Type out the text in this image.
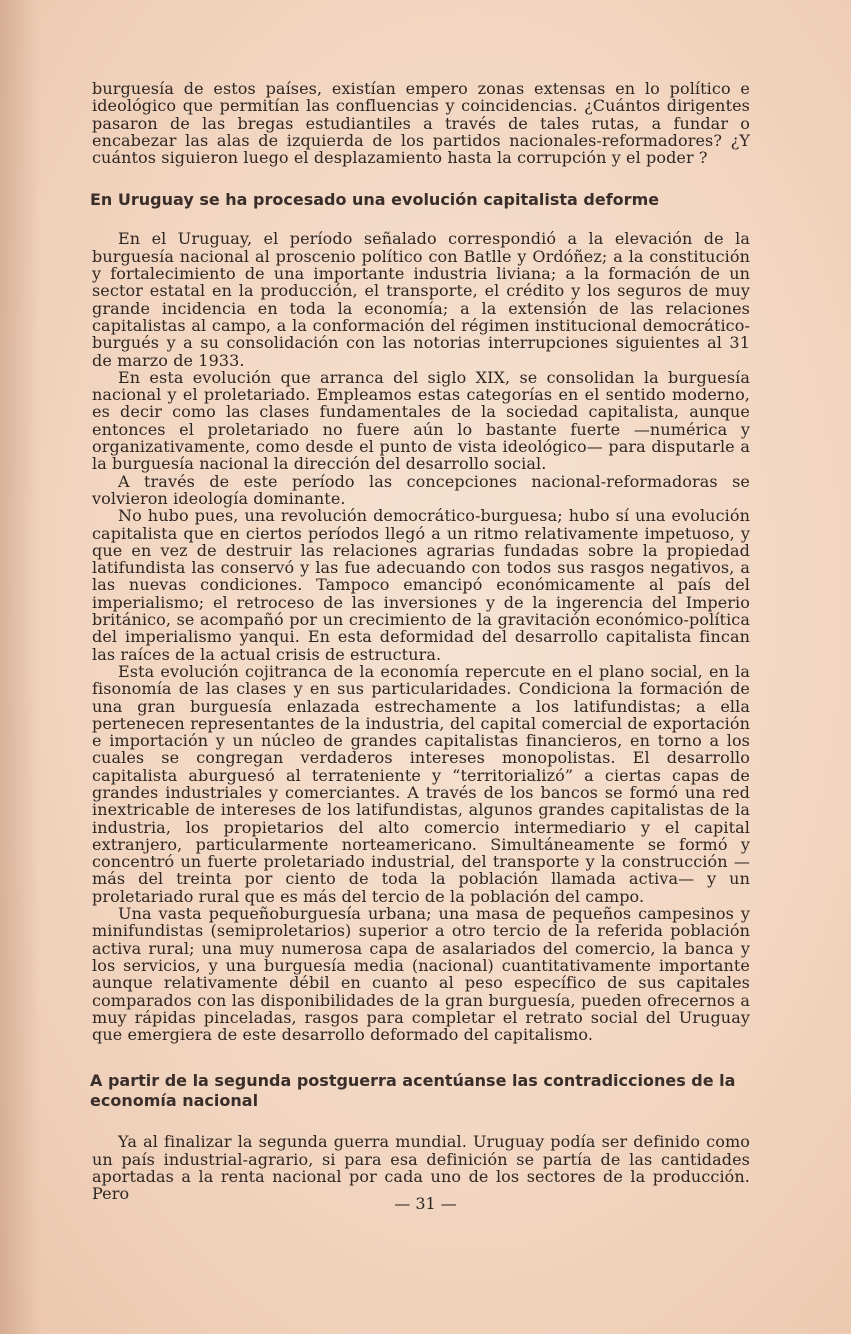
burguesía de estos países, existían empero zonas extensas en lo político e ideológico que permitían las confluencias y coincidencias. ¿Cuántos dirigentes pasaron de las bregas estudiantiles a través de tales rutas, a fundar o encabezar las alas de izquierda de los partidos nacionales-reformadores? ¿Y cuántos siguieron luego el desplazamiento hasta la corrupción y el poder ?

En Uruguay se ha procesado una evolución capitalista deforme

En el Uruguay, el período señalado correspondió a la elevación de la burguesía nacional al proscenio político con Batlle y Ordóñez; a la constitución y fortalecimiento de una importante industria liviana; a la formación de un sector estatal en la producción, el transporte, el crédito y los seguros de muy grande incidencia en toda la economía; a la extensión de las relaciones capitalistas al campo, a la conformación del régimen institucional democrático-burgués y a su consolidación con las notorias interrupciones siguientes al 31 de marzo de 1933.

En esta evolución que arranca del siglo XIX, se consolidan la burguesía nacional y el proletariado. Empleamos estas categorías en el sentido moderno, es decir como las clases fundamentales de la sociedad capitalista, aunque entonces el proletariado no fuere aún lo bastante fuerte —numérica y organizativamente, como desde el punto de vista ideológico— para disputarle a la burguesía nacional la dirección del desarrollo social.

A través de este período las concepciones nacional-reformadoras se volvieron ideología dominante.

No hubo pues, una revolución democrático-burguesa; hubo sí una evolución capitalista que en ciertos períodos llegó a un ritmo relativamente impetuoso, y que en vez de destruir las relaciones agrarias fundadas sobre la propiedad latifundista las conservó y las fue adecuando con todos sus rasgos negativos, a las nuevas condiciones. Tampoco emancipó económicamente al país del imperialismo; el retroceso de las inversiones y de la ingerencia del Imperio británico, se acompañó por un crecimiento de la gravitación económico-política del imperialismo yanqui. En esta deformidad del desarrollo capitalista fincan las raíces de la actual crisis de estructura.

Esta evolución cojitranca de la economía repercute en el plano social, en la fisonomía de las clases y en sus particularidades. Condiciona la formación de una gran burguesía enlazada estrechamente a los latifundistas; a ella pertenecen representantes de la industria, del capital comercial de exportación e importación y un núcleo de grandes capitalistas financieros, en torno a los cuales se congregan verdaderos intereses monopolistas. El desarrollo capitalista aburguesó al terrateniente y “territorializó” a ciertas capas de grandes industriales y comerciantes. A través de los bancos se formó una red inextricable de intereses de los latifundistas, algunos grandes capitalistas de la industria, los propietarios del alto comercio intermediario y el capital extranjero, particularmente norteamericano. Simultáneamente se formó y concentró un fuerte proletariado industrial, del transporte y la construcción —más del treinta por ciento de toda la población llamada activa— y un proletariado rural que es más del tercio de la población del campo.

Una vasta pequeñoburguesía urbana; una masa de pequeños campesinos y minifundistas (semiproletarios) superior a otro tercio de la referida población activa rural; una muy numerosa capa de asalariados del comercio, la banca y los servicios, y una burguesía media (nacional) cuantitativamente importante aunque relativamente débil en cuanto al peso específico de sus capitales comparados con las disponibilidades de la gran burguesía, pueden ofrecernos a muy rápidas pinceladas, rasgos para completar el retrato social del Uruguay que emergiera de este desarrollo deformado del capitalismo.

A partir de la segunda postguerra acentúanse las contradicciones de la economía nacional

Ya al finalizar la segunda guerra mundial. Uruguay podía ser definido como un país industrial-agrario, si para esa definición se partía de las cantidades aportadas a la renta nacional por cada uno de los sectores de la producción. Pero

— 31 —
